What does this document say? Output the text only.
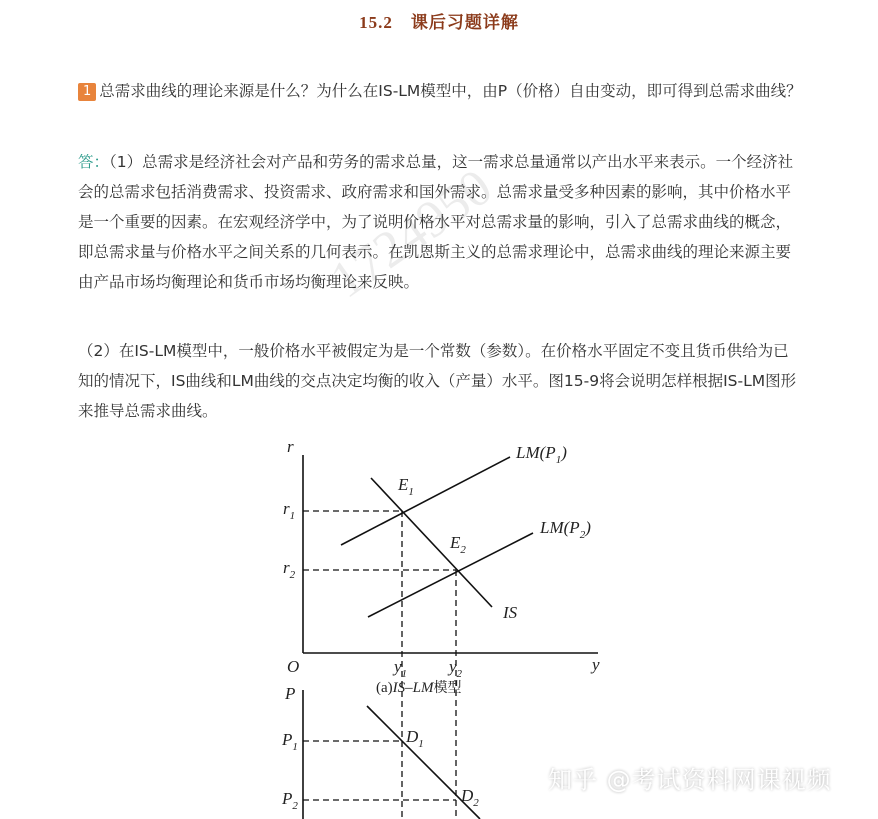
15.2 课后习题详解
1 总需求曲线的理论来源是什么？为什么在IS-LM模型中，由P（价格）自由变动，即可得到总需求曲线？
答：（1）总需求是经济社会对产品和劳务的需求总量，这一需求总量通常以产出水平来表示。一个经济社会的总需求包括消费需求、投资需求、政府需求和国外需求。总需求量受多种因素的影响，其中价格水平是一个重要的因素。在宏观经济学中，为了说明价格水平对总需求量的影响，引入了总需求曲线的概念，即总需求量与价格水平之间关系的几何表示。在凯恩斯主义的总需求理论中，总需求曲线的理论来源主要由产品市场均衡理论和货币市场均衡理论来反映。
（2）在IS-LM模型中，一般价格水平被假定为是一个常数（参数）。在价格水平固定不变且货币供给为已知的情况下，IS曲线和LM曲线的交点决定均衡的收入（产量）水平。图15-9将会说明怎样根据IS-LM图形来推导总需求曲线。
1724950
r
O	y
$r_1$
$r_2$
$y_1$ $y_2$
$E_1$
$E_2$
$LM(P_1)$
$LM(P_2)$
IS
(a)IS–LM模型
P
$P_1$
$P_2$
$D_1$
$D_2$
知乎 @考试资料网课视频
